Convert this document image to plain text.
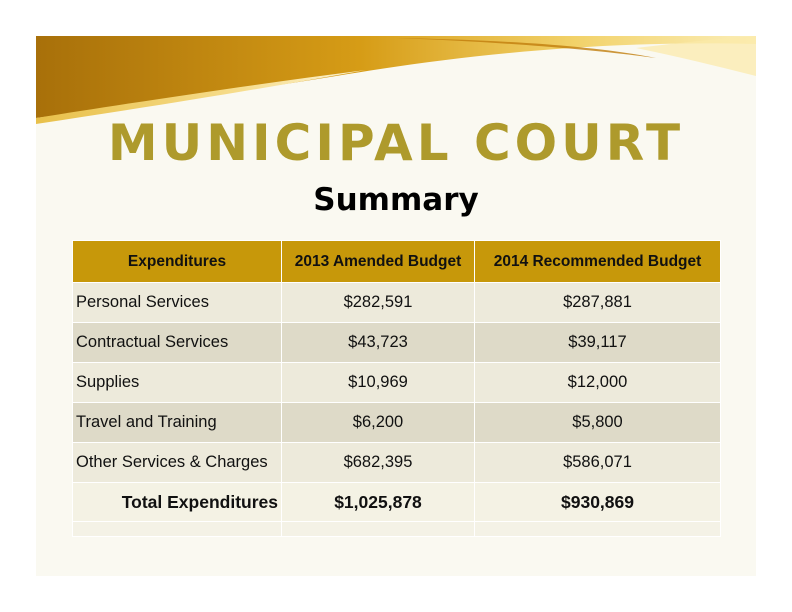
MUNICIPAL COURT
Summary
Expenditures	2013 Amended Budget	2014 Recommended Budget
Personal Services	$282,591	$287,881
Contractual Services	$43,723	$39,117
Supplies	$10,969	$12,000
Travel and Training	$6,200	$5,800
Other Services & Charges	$682,395	$586,071
Total Expenditures	$1,025,878	$930,869
